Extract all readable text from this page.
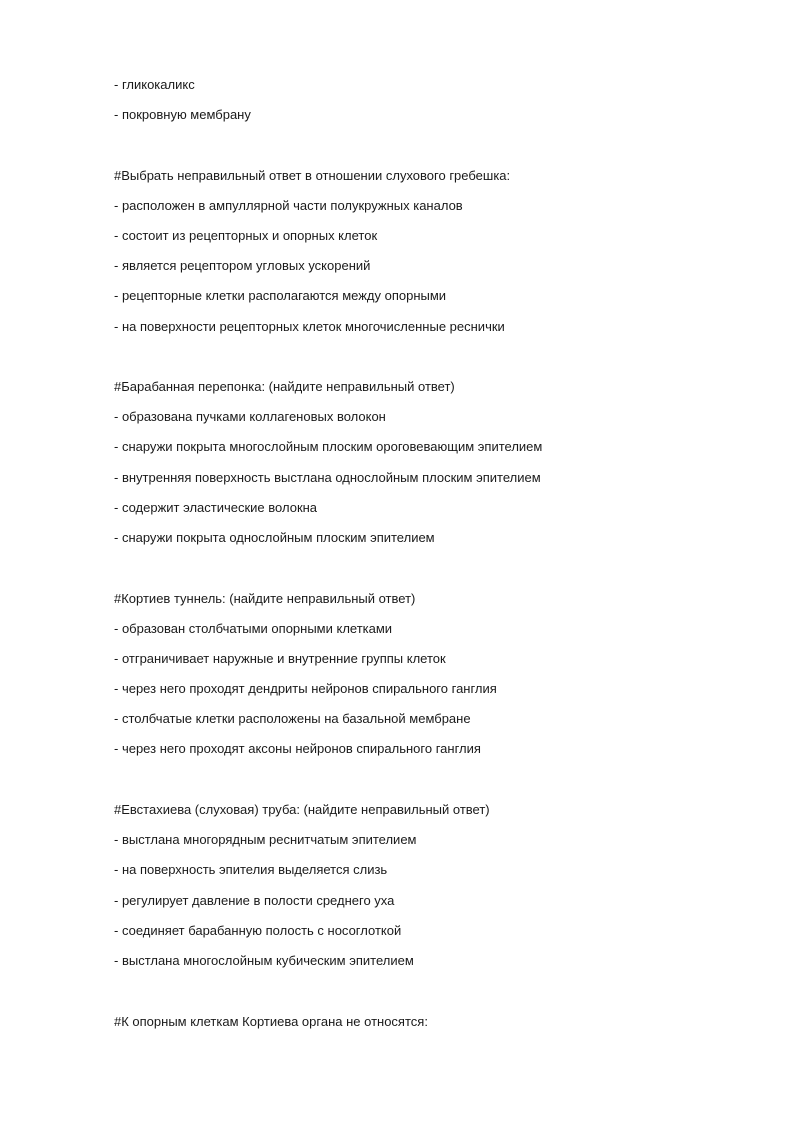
- гликокаликс
- покровную мембрану
#Выбрать неправильный ответ в отношении слухового гребешка:
- расположен в ампуллярной части полукружных каналов
- состоит из рецепторных и опорных клеток
- является рецептором угловых ускорений
- рецепторные клетки располагаются между опорными
- на поверхности рецепторных клеток многочисленные реснички
#Барабанная перепонка: (найдите неправильный ответ)
- образована пучками коллагеновых волокон
- снаружи покрыта многослойным плоским ороговевающим эпителием
- внутренняя поверхность выстлана однослойным плоским эпителием
- содержит эластические волокна
- снаружи покрыта однослойным плоским эпителием
#Кортиев туннель: (найдите неправильный ответ)
- образован столбчатыми опорными клетками
- отграничивает наружные и внутренние группы клеток
- через него проходят дендриты нейронов спирального ганглия
- столбчатые клетки расположены на базальной мембране
- через него проходят аксоны нейронов спирального ганглия
#Евстахиева (слуховая) труба: (найдите неправильный ответ)
- выстлана многорядным реснитчатым эпителием
- на поверхность эпителия выделяется слизь
- регулирует давление в полости среднего уха
- соединяет барабанную полость с носоглоткой
- выстлана многослойным кубическим эпителием
#К опорным клеткам Кортиева органа не относятся:
